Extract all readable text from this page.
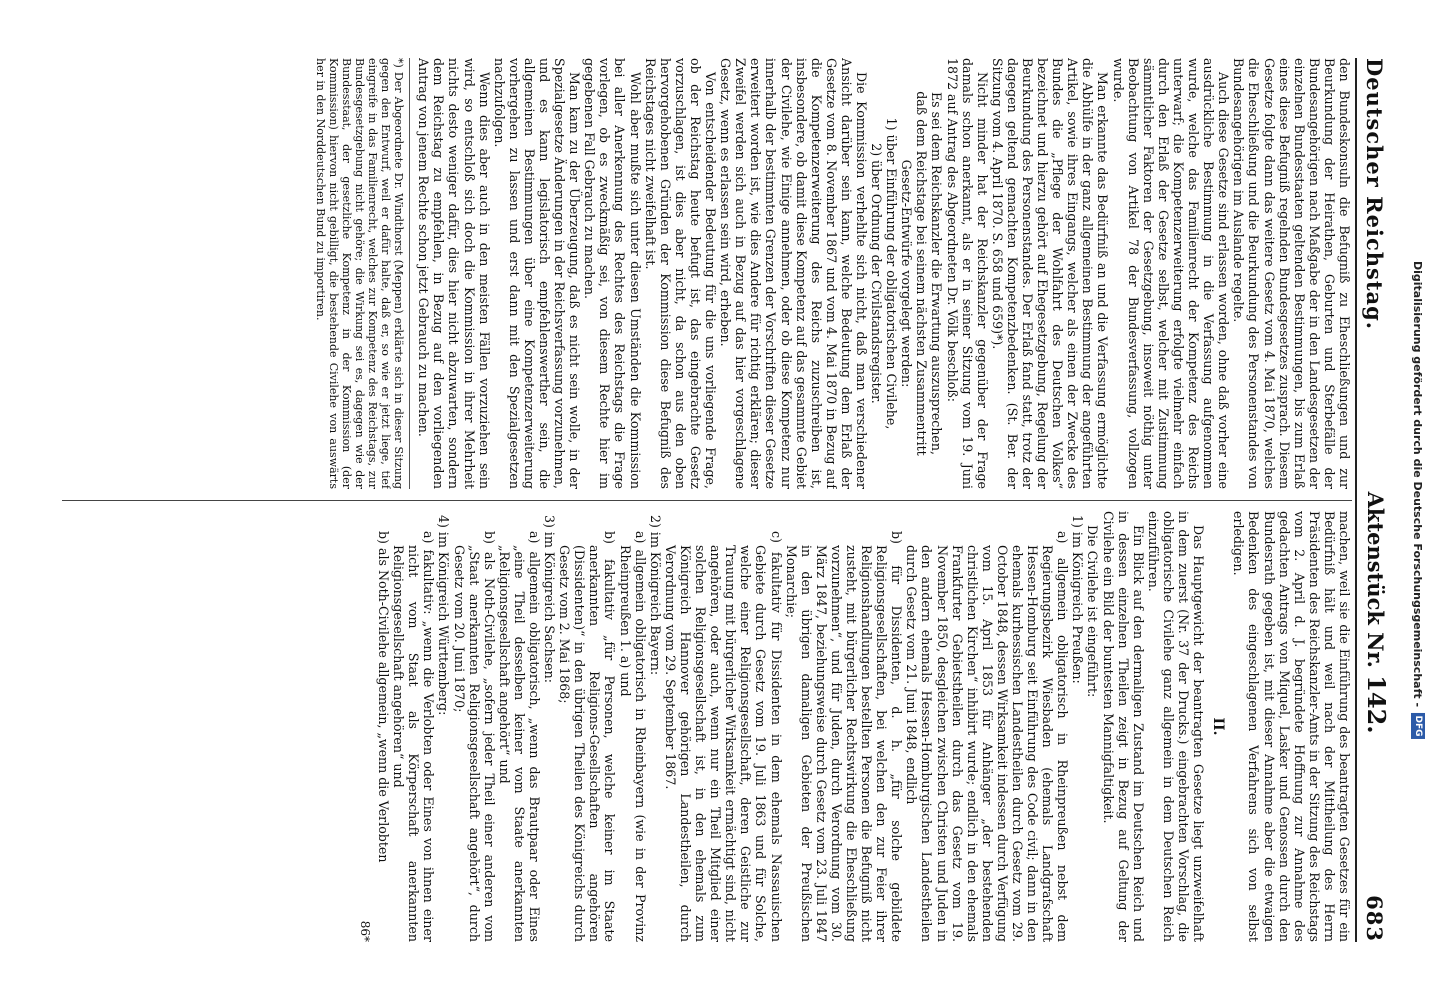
Deutscher Reichstag.
Aktenstück Nr. 142.
683

den Bundeskonsuln die Befugniß zu Eheschließungen und zur Beurkundung der Heirathen, Geburten und Sterbefälle der Bundesangehörigen nach Maßgabe der in den Landesgesetzen der einzelnen Bundesstaaten geltenden Bestimmungen, bis zum Erlaß eines diese Befugniß regelnden Bundesgesetzes zusprach. Diesem Gesetze folgte dann das weitere Gesetz vom 4. Mai 1870, welches die Eheschließung und die Beurkundung des Personenstandes von Bundesangehörigen im Auslande regelte.

Auch diese Gesetze sind erlassen worden, ohne daß vorher eine ausdrückliche Bestimmung in die Verfassung aufgenommen wurde, welche das Familienrecht der Kompetenz des Reichs unterwarf; die Kompetenzerweiterung erfolgte vielmehr einfach durch den Erlaß der Gesetze selbst, welcher mit Zustimmung sämmtlicher Faktoren der Gesetzgebung, insoweit nöthig unter Beobachtung von Artikel 78 der Bundesverfassung, vollzogen wurde.

Man erkannte das Bedürfniß an und die Verfassung ermöglichte die Abhülfe in der ganz allgemeinen Bestimmung der angeführten Artikel, sowie ihres Eingangs, welcher als einen der Zwecke des Bundes die „Pflege der Wohlfahrt des Deutschen Volkes“ bezeichnet und hierzu gehört auf Ehegesetzgebung, Regelung der Beurkundung des Personenstandes. Der Erlaß fand statt, trotz der dagegen geltend gemachten Kompetenzbedenken. (St. Ber. der Sitzung vom 4. April 1870. S. 658 und 659)*).

Nicht minder hat der Reichskanzler gegenüber der Frage damals schon anerkannt, als er in seiner Sitzung vom 19. Juni 1872 auf Antrag des Abgeordneten Dr. Völk beschloß:

Es sei dem Reichskanzler die Erwartung auszusprechen, daß dem Reichstage bei seinem nächsten Zusammentritt Gesetz-Entwürfe vorgelegt werden:

1) über Einführung der obligatorischen Civilehe,

2) über Ordnung der Civilstandsregister.

Die Kommission verhehlte sich nicht, daß man verschiedener Ansicht darüber sein kann, welche Bedeutung dem Erlaß der Gesetze vom 8. November 1867 und vom 4. Mai 1870 in Bezug auf die Kompetenzerweiterung des Reichs zuzuschreiben ist, insbesondere, ob damit diese Kompetenz auf das gesammte Gebiet der Civilehe, wie Einige annehmen, oder ob diese Kompetenz nur innerhalb der bestimmten Grenzen der Vorschriften dieser Gesetze erweitert worden ist, wie dies Andere für richtig erklären; dieser Zweifel werden sich auch in Bezug auf das hier vorgeschlagene Gesetz, wenn es erlassen sein wird, erheben.

Von entscheidender Bedeutung für die uns vorliegende Frage, ob der Reichstag heute befugt ist, das eingebrachte Gesetz vorzuschlagen, ist dies aber nicht, da schon aus den oben hervorgehobenen Gründen der Kommission diese Befugniß des Reichstages nicht zweifelhaft ist.

Wohl aber mußte sich unter diesen Umständen die Kommission bei aller Anerkennung des Rechtes des Reichstags die Frage vorlegen, ob es zweckmäßig sei, von diesem Rechte hier im gegebenen Fall Gebrauch zu machen.

Man kam zu der Überzeugung, daß es nicht sein wolle, in der Spezialgesetze Änderungen in der Reichsverfassung vorzunehmen, und es kann legislatorisch empfehlenswerther sein, die allgemeinen Bestimmungen über eine Kompetenzerweiterung vorhergehen zu lassen und erst dann mit den Spezialgesetzen nachzufolgen.

Wenn dies aber auch in den meisten Fällen vorzuziehen sein wird, so entschloß sich doch die Kommission in ihrer Mehrheit nichts desto weniger dafür, dies hier nicht abzuwarten, sondern dem Reichstag zu empfehlen, in Bezug auf den vorliegenden Antrag von jenem Rechte schon jetzt Gebrauch zu machen.

*) Der Abgeordnete Dr. Windthorst (Meppen) erklärte sich in dieser Sitzung gegen den Entwurf, weil er dafür halte, daß er, so wie er jetzt liege, tief eingreife in das Familienrecht, welches zur Kompetenz des Reichstags, zur Bundesgesetzgebung nicht gehöre; die Wirkung sei es, dagegen wie der Bundesstaat, der gesetzliche Kompetenz in der Kommission (der Kommission) hiervon nicht gebilligt, die bestehende Civilehe von auswärts her in den Norddeutschen Bund zu importiren.

machen, weil sie die Einführung des beantragten Gesetzes für ein Bedürfniß hält und weil nach der Mittheilung des Herrn Präsidenten des Reichskanzler-Amts in der Sitzung des Reichstags vom 2. April d. J. begründete Hoffnung zur Annahme des gedachten Antrags von Miquel, Lasker und Genossen durch den Bundesrath gegeben ist, mit dieser Annahme aber die etwaigen Bedenken des eingeschlagenen Verfahrens sich von selbst erledigen.

II.

Das Hauptgewicht der beantragten Gesetze liegt unzweifelhaft in dem zuerst (Nr. 37 der Drucks.) eingebrachten Vorschlag, die obligatorische Civilehe ganz allgemein in dem Deutschen Reich einzuführen.

Ein Blick auf den dermaligen Zustand im Deutschen Reich und in dessen einzelnen Theilen zeigt in Bezug auf Geltung der Civilehe ein Bild der buntesten Mannigfaltigkeit.

Die Civilehe ist eingeführt:

1) im Königreich Preußen:

a) allgemein obligatorisch in Rheinpreußen nebst dem Regierungsbezirk Wiesbaden (ehemals Landgrafschaft Hessen-Homburg seit Einführung des Code civil; dann in den ehemals kurhessischen Landestheilen durch Gesetz vom 29. October 1848, dessen Wirksamkeit indessen durch Verfügung vom 15. April 1853 für Anhänger „der bestehenden christlichen Kirchen“ inhibirt wurde; endlich in den ehemals Frankfurter Gebietstheilen durch das Gesetz vom 19. November 1850, desgleichen zwischen Christen und Juden in den andern ehemals Hessen-Homburgischen Landestheilen durch Gesetz vom 21. Juni 1848, endlich

b) für Dissidenten, d. h. „für solche gebildete Religionsgesellschaften, bei welchen den zur Feier ihrer Religionshandlungen bestellten Personen die Befugniß nicht zusteht, mit bürgerlicher Rechtswirkung die Eheschließung vorzunehmen“, und für Juden, durch Verordnung vom 30. März 1847, beziehungsweise durch Gesetz vom 23. Juli 1847 in den übrigen damaligen Gebieten der Preußischen Monarchie;

c) fakultativ für Dissidenten in dem ehemals Nassauischen Gebiete durch Gesetz vom 19. Juli 1863 und für Solche, welche einer Religionsgesellschaft, deren Geistliche zur Trauung mit bürgerlicher Wirksamkeit ermächtigt sind, nicht angehören, oder auch, wenn nur ein Theil Mitglied einer solchen Religionsgesellschaft ist, in den ehemals zum Königreich Hannover gehörigen Landestheilen, durch Verordnung vom 29. September 1867.

2) im Königreich Bayern:

a) allgemein obligatorisch in Rheinbayern (wie in der Provinz Rheinpreußen 1. a) und

b) fakultativ „für Personen, welche keiner im Staate anerkannten Religions-Gesellschaften angehören (Dissidenten)“ in den übrigen Theilen des Königreichs durch Gesetz vom 2. Mai 1868;

3) im Königreich Sachsen:

a) allgemein obligatorisch, „wenn das Brautpaar oder Eines „eine Theil desselben keiner vom Staate anerkannten „Religionsgesellschaft angehört“ und

b) als Noth-Civilehe, „sofern jeder Theil einer anderen vom „Staat anerkannten Religionsgesellschaft angehört“, durch Gesetz vom 20. Juni 1870;

4) im Königreich Württemberg:

a) fakultativ: „wenn die Verlobten oder Eines von ihnen einer nicht vom Staat als Körperschaft anerkannten Religionsgesellschaft angehören“ und

b) als Noth-Civilehe allgemein, „wenn die Verlobten

86*
Digitalisierung gefördert durch die Deutsche Forschungsgemeinschaft -
DFG
